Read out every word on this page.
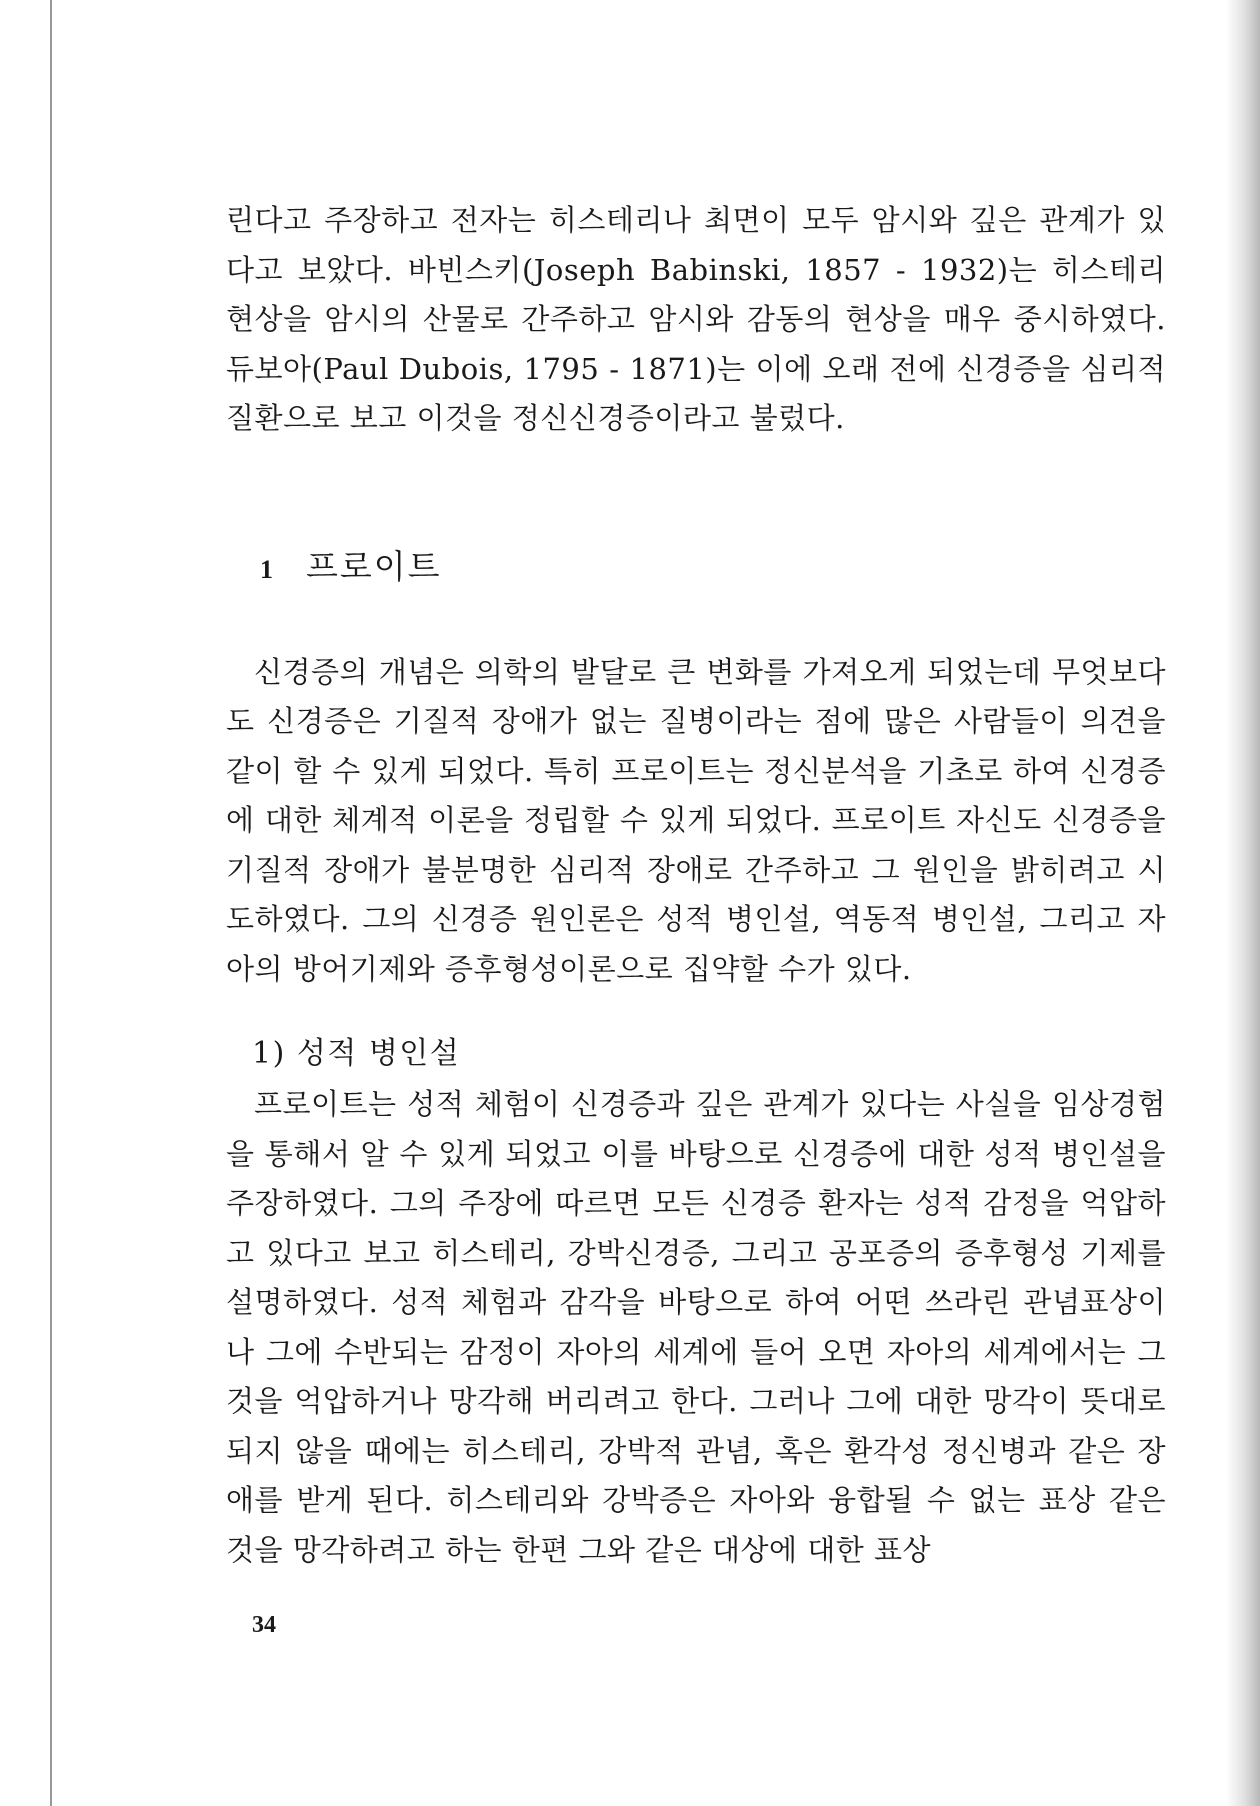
린다고 주장하고 전자는 히스테리나 최면이 모두 암시와 깊은 관계가 있다고 보았다. 바빈스키(Joseph Babinski, 1857 - 1932)는 히스테리 현상을 암시의 산물로 간주하고 암시와 감동의 현상을 매우 중시하였다. 듀보아(Paul Dubois, 1795 - 1871)는 이에 오래 전에 신경증을 심리적 질환으로 보고 이것을 정신신경증이라고 불렀다.

1 프로이트

신경증의 개념은 의학의 발달로 큰 변화를 가져오게 되었는데 무엇보다도 신경증은 기질적 장애가 없는 질병이라는 점에 많은 사람들이 의견을 같이 할 수 있게 되었다. 특히 프로이트는 정신분석을 기초로 하여 신경증에 대한 체계적 이론을 정립할 수 있게 되었다. 프로이트 자신도 신경증을 기질적 장애가 불분명한 심리적 장애로 간주하고 그 원인을 밝히려고 시도하였다. 그의 신경증 원인론은 성적 병인설, 역동적 병인설, 그리고 자아의 방어기제와 증후형성이론으로 집약할 수가 있다.

1) 성적 병인설

프로이트는 성적 체험이 신경증과 깊은 관계가 있다는 사실을 임상경험을 통해서 알 수 있게 되었고 이를 바탕으로 신경증에 대한 성적 병인설을 주장하였다. 그의 주장에 따르면 모든 신경증 환자는 성적 감정을 억압하고 있다고 보고 히스테리, 강박신경증, 그리고 공포증의 증후형성 기제를 설명하였다. 성적 체험과 감각을 바탕으로 하여 어떤 쓰라린 관념표상이나 그에 수반되는 감정이 자아의 세계에 들어 오면 자아의 세계에서는 그것을 억압하거나 망각해 버리려고 한다. 그러나 그에 대한 망각이 뜻대로 되지 않을 때에는 히스테리, 강박적 관념, 혹은 환각성 정신병과 같은 장애를 받게 된다. 히스테리와 강박증은 자아와 융합될 수 없는 표상 같은 것을 망각하려고 하는 한편 그와 같은 대상에 대한 표상

34
